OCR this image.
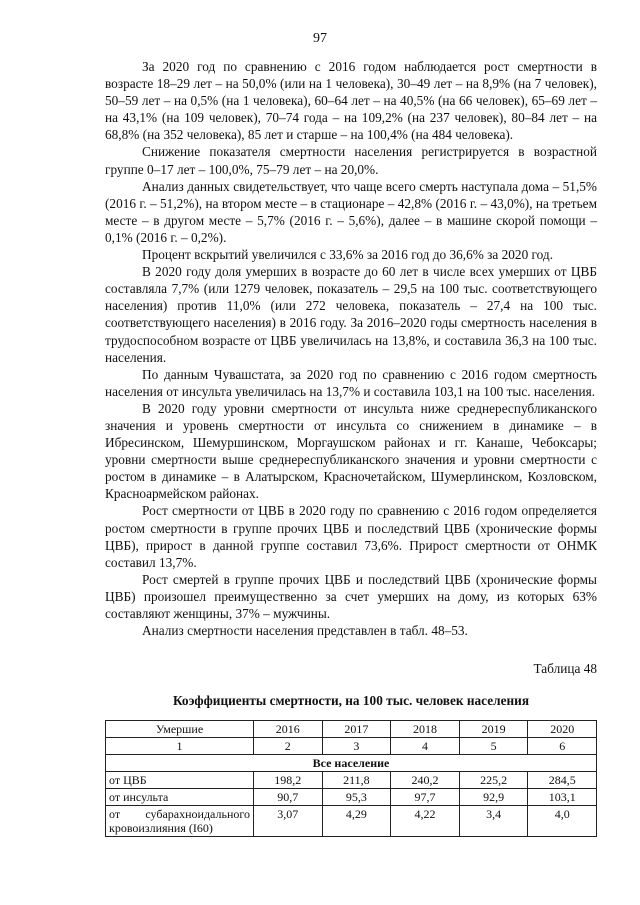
97

За 2020 год по сравнению с 2016 годом наблюдается рост смертности в возрасте 18–29 лет – на 50,0% (или на 1 человека), 30–49 лет – на 8,9% (на 7 человек), 50–59 лет – на 0,5% (на 1 человека), 60–64 лет – на 40,5% (на 66 человек), 65–69 лет – на 43,1% (на 109 человек), 70–74 года – на 109,2% (на 237 человек), 80–84 лет – на 68,8% (на 352 человека), 85 лет и старше – на 100,4% (на 484 человека).

Снижение показателя смертности населения регистрируется в возрастной группе 0–17 лет – 100,0%, 75–79 лет – на 20,0%.

Анализ данных свидетельствует, что чаще всего смерть наступала дома – 51,5% (2016 г. – 51,2%), на втором месте – в стационаре – 42,8% (2016 г. – 43,0%), на третьем месте – в другом месте – 5,7% (2016 г. – 5,6%), далее – в машине скорой помощи – 0,1% (2016 г. – 0,2%).

Процент вскрытий увеличился с 33,6% за 2016 год до 36,6% за 2020 год.

В 2020 году доля умерших в возрасте до 60 лет в числе всех умерших от ЦВБ составляла 7,7% (или 1279 человек, показатель – 29,5 на 100 тыс. соответствующего населения) против 11,0% (или 272 человека, показатель – 27,4 на 100 тыс. соответствующего населения) в 2016 году. За 2016–2020 годы смертность населения в трудоспособном возрасте от ЦВБ увеличилась на 13,8%, и составила 36,3 на 100 тыс. населения.

По данным Чувашстата, за 2020 год по сравнению с 2016 годом смертность населения от инсульта увеличилась на 13,7% и составила 103,1 на 100 тыс. населения.

В 2020 году уровни смертности от инсульта ниже среднереспубликанского значения и уровень смертности от инсульта со снижением в динамике – в Ибресинском, Шемуршинском, Моргаушском районах и гг. Канаше, Чебоксары; уровни смертности выше среднереспубликанского значения и уровни смертности с ростом в динамике – в Алатырском, Красночетайском, Шумерлинском, Козловском, Красноармейском районах.

Рост смертности от ЦВБ в 2020 году по сравнению с 2016 годом определяется ростом смертности в группе прочих ЦВБ и последствий ЦВБ (хронические формы ЦВБ), прирост в данной группе составил 73,6%. Прирост смертности от ОНМК составил 13,7%.

Рост смертей в группе прочих ЦВБ и последствий ЦВБ (хронические формы ЦВБ) произошел преимущественно за счет умерших на дому, из которых 63% составляют женщины, 37% – мужчины.

Анализ смертности населения представлен в табл. 48–53.

Таблица 48
Коэффициенты смертности, на 100 тыс. человек населения
Умершие	2016	2017	2018	2019	2020
1	2	3	4	5	6
Все население					
от ЦВБ	198,2	211,8	240,2	225,2	284,5
от инсульта	90,7	95,3	97,7	92,9	103,1
от субарахноидального кровоизлияния (I60)	3,07	4,29	4,22	3,4	4,0
